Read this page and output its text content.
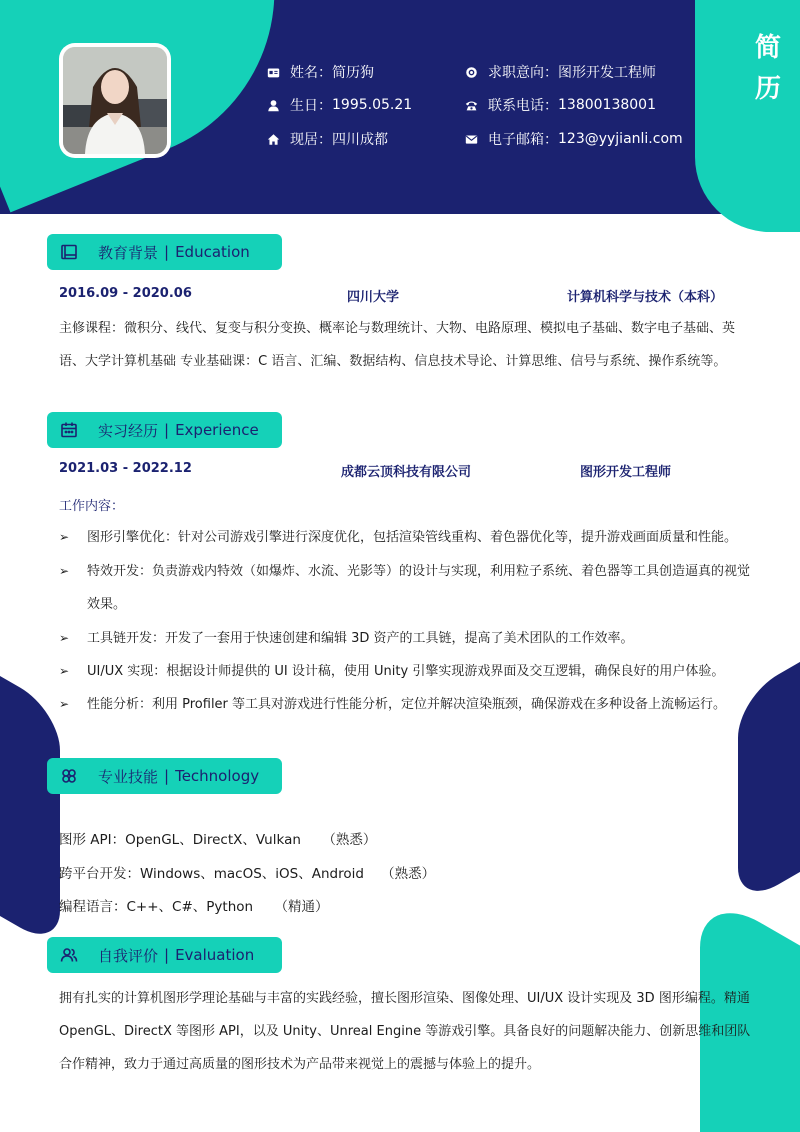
简
历
姓名 ：	简历狗
生日 ：	1995.05.21
现居 ：	四川成都
求职意向 ：	图形开发工程师
联系电话 ：	13800138001
电子邮箱 ：	123@yyjianli.com
教育背景 | Education
2016.09 - 2020.06	四川大学	计算机科学与技术（本科）
主修课程：微积分、线代、复变与积分变换、概率论与数理统计、大物、电路原理、模拟电子基础、数字电子基础、英语、大学计算机基础 专业基础课：C 语言、汇编、数据结构、信息技术导论、计算思维、信号与系统、操作系统等。
实习经历 | Experience
2021.03 - 2022.12	成都云顶科技有限公司	图形开发工程师
工作内容：
➢	图形引擎优化：针对公司游戏引擎进行深度优化，包括渲染管线重构、着色器优化等，提升游戏画面质量和性能。
➢	特效开发：负责游戏内特效（如爆炸、水流、光影等）的设计与实现，利用粒子系统、着色器等工具创造逼真的视觉效果。
➢	工具链开发：开发了一套用于快速创建和编辑 3D 资产的工具链，提高了美术团队的工作效率。
➢	UI/UX 实现：根据设计师提供的 UI 设计稿，使用 Unity 引擎实现游戏界面及交互逻辑，确保良好的用户体验。
➢	性能分析：利用 Profiler 等工具对游戏进行性能分析，定位并解决渲染瓶颈，确保游戏在多种设备上流畅运行。
专业技能 | Technology
图形 API：OpenGL、DirectX、Vulkan     （熟悉）
跨平台开发：Windows、macOS、iOS、Android    （熟悉）
编程语言：C++、C#、Python     （精通）
自我评价 | Evaluation
拥有扎实的计算机图形学理论基础与丰富的实践经验，擅长图形渲染、图像处理、UI/UX 设计实现及 3D 图形编程。精通 OpenGL、DirectX 等图形 API，以及 Unity、Unreal Engine 等游戏引擎。具备良好的问题解决能力、创新思维和团队合作精神，致力于通过高质量的图形技术为产品带来视觉上的震撼与体验上的提升。
